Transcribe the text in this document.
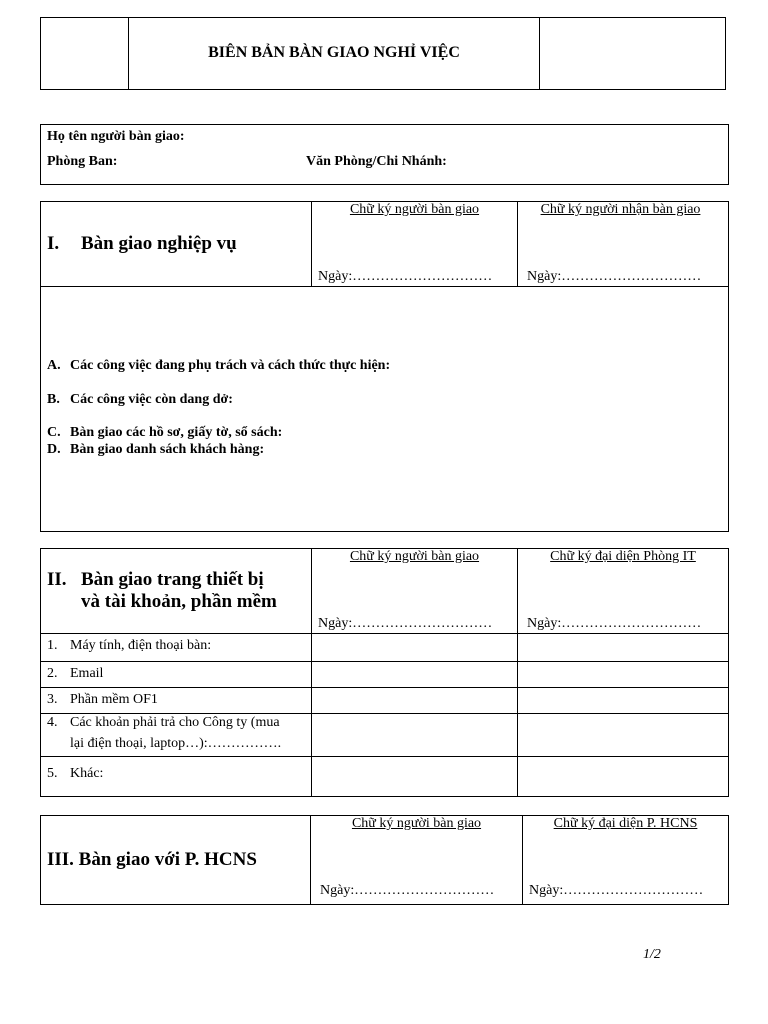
BIÊN BẢN BÀN GIAO NGHỈ VIỆC
Họ tên người bàn giao:
Phòng Ban:	Văn Phòng/Chi Nhánh:
I. Bàn giao nghiệp vụ
Chữ ký người bàn giao	Chữ ký người nhận bàn giao
Ngày:………………………… Ngày:…………………………
A. Các công việc đang phụ trách và cách thức thực hiện:
B. Các công việc còn dang dở:
C. Bàn giao các hồ sơ, giấy tờ, sổ sách:
D. Bàn giao danh sách khách hàng:
II. Bàn giao trang thiết bị
và tài khoản, phần mềm
Chữ ký người bàn giao	Chữ ký đại diện Phòng IT
Ngày:………………………… Ngày:…………………………
1. Máy tính, điện thoại bàn:
2. Email
3. Phần mềm OF1
4. Các khoản phải trả cho Công ty (mua
lại điện thoại, laptop…):…………….
5. Khác:
III. Bàn giao với P. HCNS
Chữ ký người bàn giao	Chữ ký đại diện P. HCNS
Ngày:………………………… Ngày:…………………………
1/2
